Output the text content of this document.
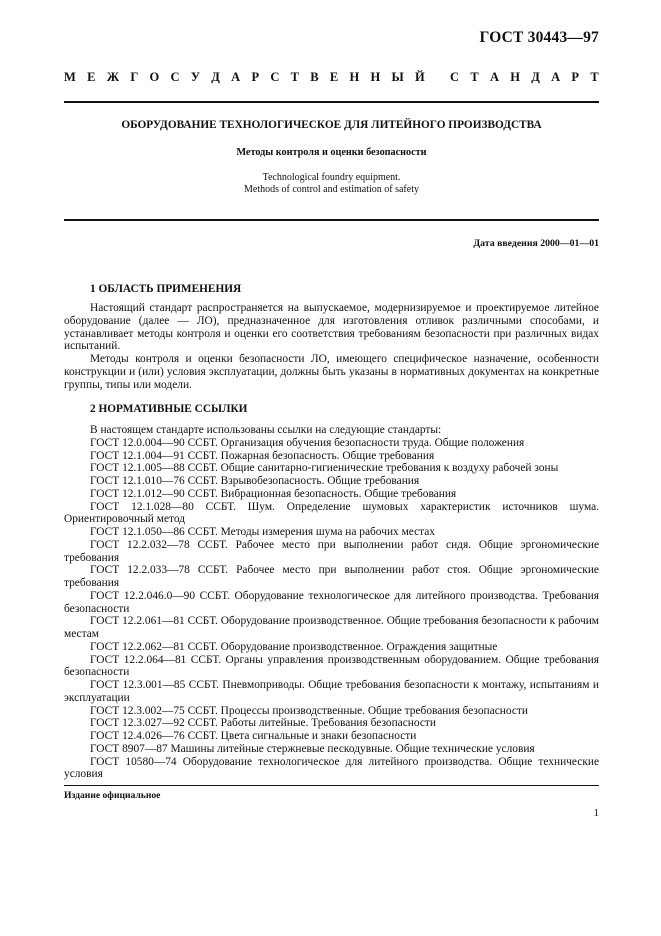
ГОСТ 30443—97
М Е Ж Г О С У Д А Р С Т В Е Н Н Ы Й С Т А Н Д А Р Т
ОБОРУДОВАНИЕ ТЕХНОЛОГИЧЕСКОЕ ДЛЯ ЛИТЕЙНОГО ПРОИЗВОДСТВА
Методы контроля и оценки безопасности
Technological foundry equipment.
Methods of control and estimation of safety
Дата введения 2000—01—01
1 ОБЛАСТЬ ПРИМЕНЕНИЯ

Настоящий стандарт распространяется на выпускаемое, модернизируемое и проектируемое литейное оборудование (далее — ЛО), предназначенное для изготовления отливок различными способами, и устанавливает методы контроля и оценки его соответствия требованиям безопасности при различных видах испытаний.

Методы контроля и оценки безопасности ЛО, имеющего специфическое назначение, особенности конструкции и (или) условия эксплуатации, должны быть указаны в нормативных документах на конкретные группы, типы или модели.

2 НОРМАТИВНЫЕ ССЫЛКИ

В настоящем стандарте использованы ссылки на следующие стандарты:

ГОСТ 12.0.004—90 ССБТ. Организация обучения безопасности труда. Общие положения

ГОСТ 12.1.004—91 ССБТ. Пожарная безопасность. Общие требования

ГОСТ 12.1.005—88 ССБТ. Общие санитарно-гигиенические требования к воздуху рабочей зоны

ГОСТ 12.1.010—76 ССБТ. Взрывобезопасность. Общие требования

ГОСТ 12.1.012—90 ССБТ. Вибрационная безопасность. Общие требования

ГОСТ 12.1.028—80 ССБТ. Шум. Определение шумовых характеристик источников шума. Ориентировочный метод

ГОСТ 12.1.050—86 ССБТ. Методы измерения шума на рабочих местах

ГОСТ 12.2.032—78 ССБТ. Рабочее место при выполнении работ сидя. Общие эргономические требования

ГОСТ 12.2.033—78 ССБТ. Рабочее место при выполнении работ стоя. Общие эргономические требования

ГОСТ 12.2.046.0—90 ССБТ. Оборудование технологическое для литейного производства. Требования безопасности

ГОСТ 12.2.061—81 ССБТ. Оборудование производственное. Общие требования безопасности к рабочим местам

ГОСТ 12.2.062—81 ССБТ. Оборудование производственное. Ограждения защитные

ГОСТ 12.2.064—81 ССБТ. Органы управления производственным оборудованием. Общие требования безопасности

ГОСТ 12.3.001—85 ССБТ. Пневмоприводы. Общие требования безопасности к монтажу, испытаниям и эксплуатации

ГОСТ 12.3.002—75 ССБТ. Процессы производственные. Общие требования безопасности

ГОСТ 12.3.027—92 ССБТ. Работы литейные. Требования безопасности

ГОСТ 12.4.026—76 ССБТ. Цвета сигнальные и знаки безопасности

ГОСТ 8907—87 Машины литейные стержневые пескодувные. Общие технические условия

ГОСТ 10580—74 Оборудование технологическое для литейного производства. Общие технические условия

Издание официальное
1
